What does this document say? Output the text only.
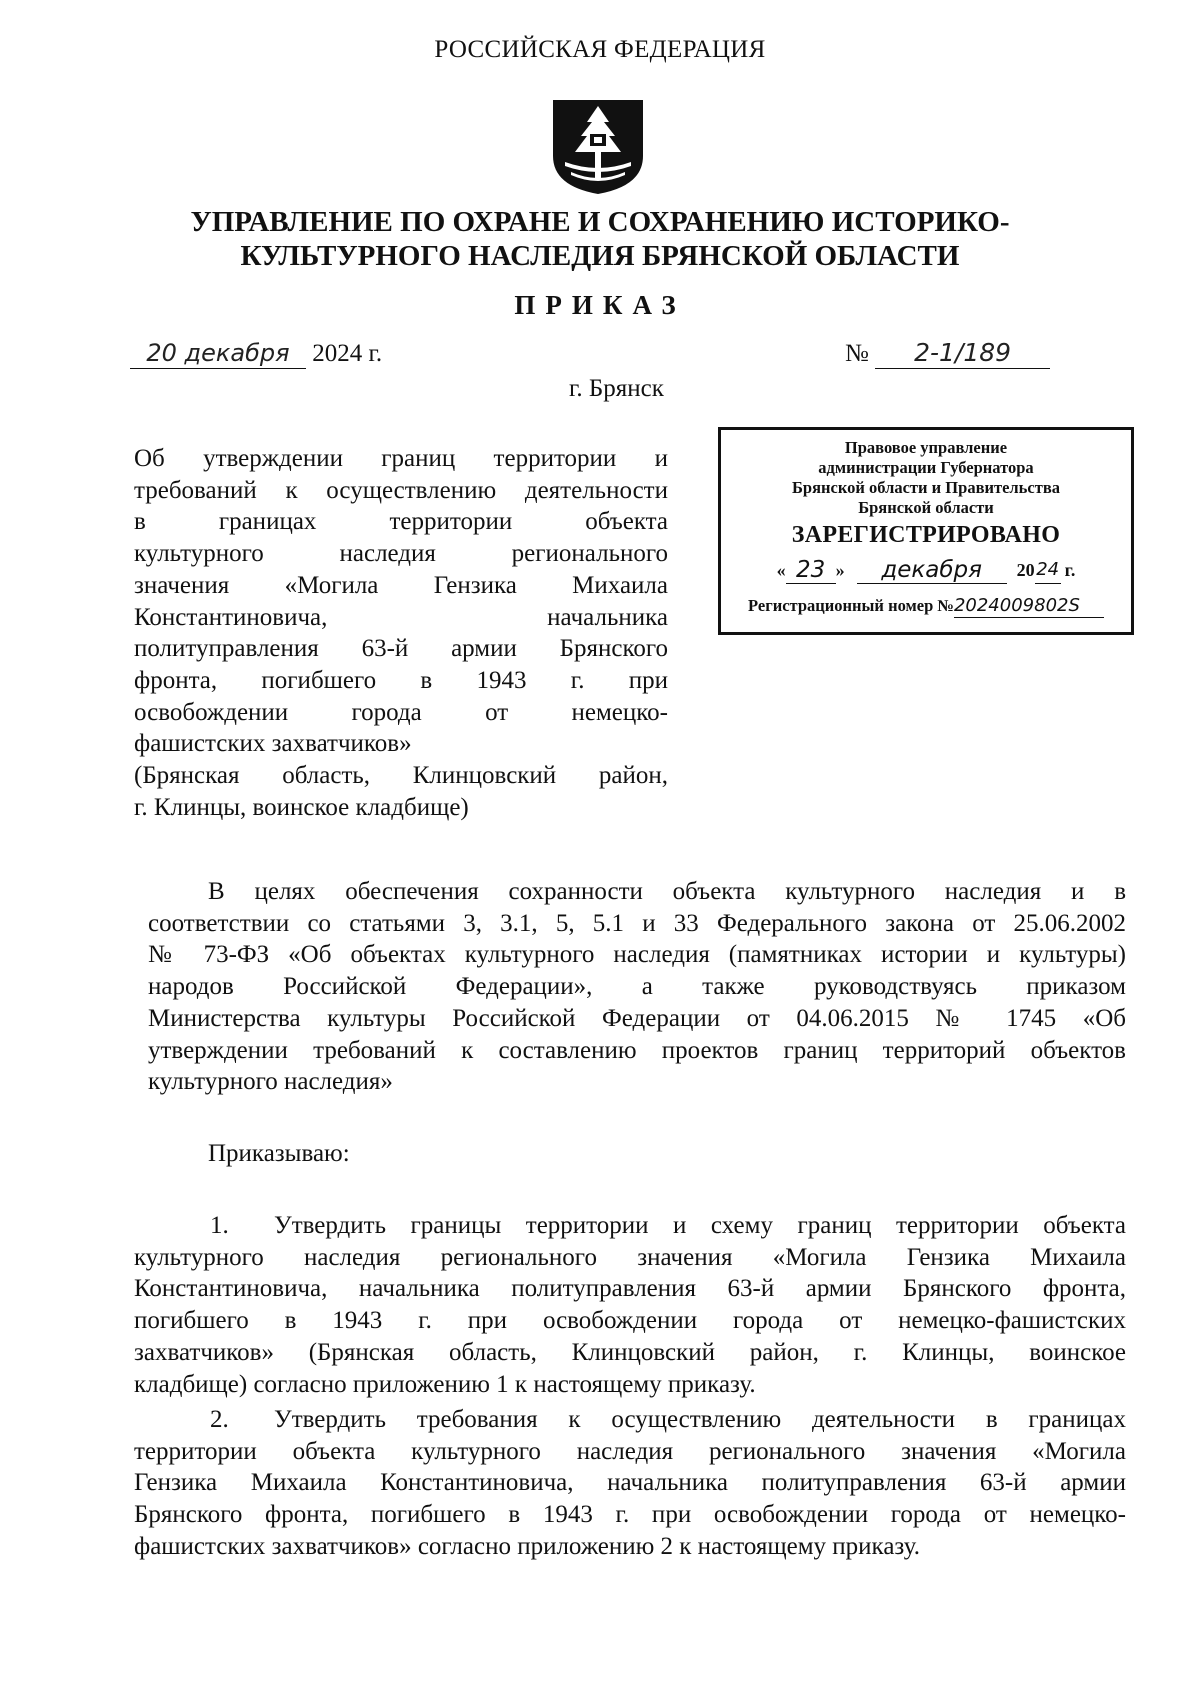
РОССИЙСКАЯ ФЕДЕРАЦИЯ
УПРАВЛЕНИЕ ПО ОХРАНЕ И СОХРАНЕНИЮ ИСТОРИКО-
КУЛЬТУРНОГО НАСЛЕДИЯ БРЯНСКОЙ ОБЛАСТИ
ПРИКАЗ
20 декабря 2024 г.	№ 2-1/189
г. Брянск
Об утверждении границ территории и
требований к осуществлению деятельности
в границах территории объекта
культурного наследия регионального
значения «Могила Гензика Михаила
Константиновича, начальника
политуправления 63-й армии Брянского
фронта, погибшего в 1943 г. при
освобождении города от немецко-
фашистских захватчиков»
(Брянская область, Клинцовский район,
г. Клинцы, воинское кладбище)
Правовое управление
администрации Губернатора
Брянской области и Правительства
Брянской области
ЗАРЕГИСТРИРОВАНО
« 23 »	декабря	20 24 г.
Регистрационный номер № 2024009802S
В целях обеспечения сохранности объекта культурного наследия и в
соответствии со статьями 3, 3.1, 5, 5.1 и 33 Федерального закона от 25.06.2002
№ 73-ФЗ «Об объектах культурного наследия (памятниках истории и культуры)
народов Российской Федерации», а также руководствуясь приказом
Министерства культуры Российской Федерации от 04.06.2015 № 1745 «Об
утверждении требований к составлению проектов границ территорий объектов
культурного наследия»
Приказываю:
1. Утвердить границы территории и схему границ территории объекта
культурного наследия регионального значения «Могила Гензика Михаила
Константиновича, начальника политуправления 63-й армии Брянского фронта,
погибшего в 1943 г. при освобождении города от немецко-фашистских
захватчиков» (Брянская область, Клинцовский район, г. Клинцы, воинское
кладбище) согласно приложению 1 к настоящему приказу.
2. Утвердить требования к осуществлению деятельности в границах
территории объекта культурного наследия регионального значения «Могила
Гензика Михаила Константиновича, начальника политуправления 63-й армии
Брянского фронта, погибшего в 1943 г. при освобождении города от немецко-
фашистских захватчиков» согласно приложению 2 к настоящему приказу.
